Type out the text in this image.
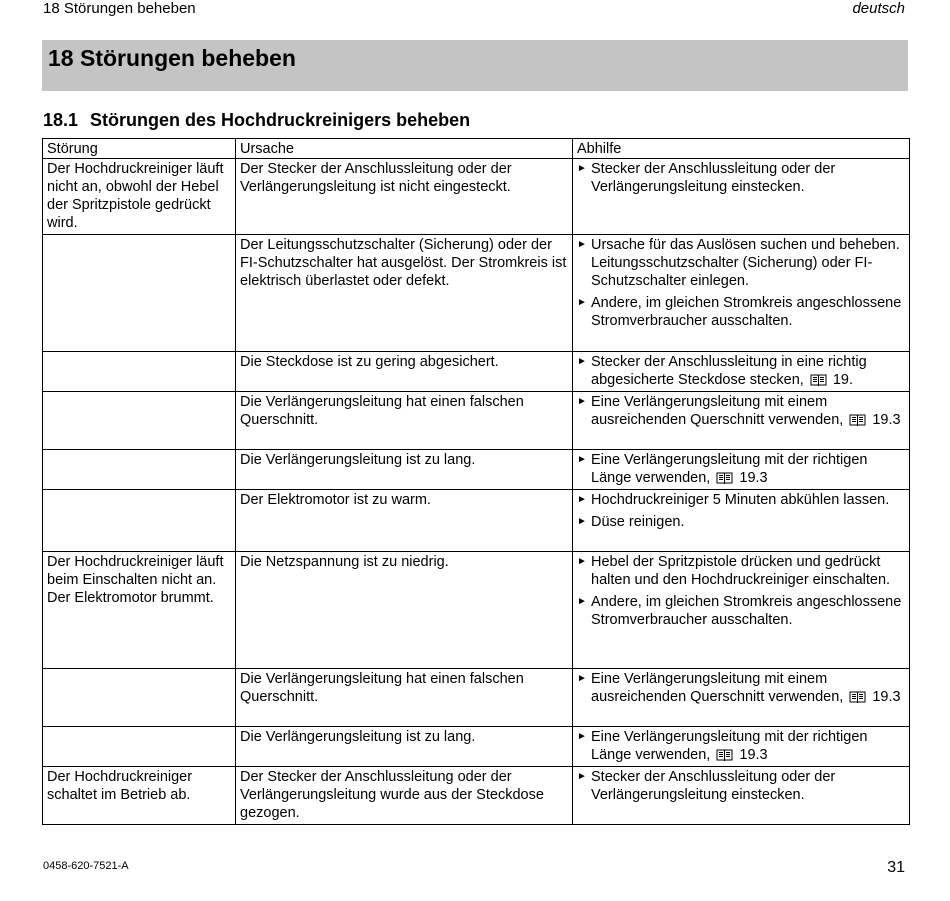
18 Störungen beheben	deutsch
18 Störungen beheben
18.1 Störungen des Hochdruckreinigers beheben
Störung	Ursache	Abhilfe
Der Hochdruckreiniger läuft nicht an, obwohl der Hebel der Spritzpistole gedrückt wird.	Der Stecker der Anschlussleitung oder der Verlängerungsleitung ist nicht eingesteckt.	► Stecker der Anschlussleitung oder der Verlängerungsleitung einstecken.

	Der Leitungsschutzschalter (Sicherung) oder der FI-Schutzschalter hat ausgelöst. Der Stromkreis ist elektrisch überlastet oder defekt.	► Ursache für das Auslösen suchen und beheben. Leitungsschutzschalter (Sicherung) oder FI-Schutzschalter einlegen.
► Andere, im gleichen Stromkreis angeschlossene Stromverbraucher ausschalten.

	Die Steckdose ist zu gering abgesichert.	► Stecker der Anschlussleitung in eine richtig abgesicherte Steckdose stecken, 19.

	Die Verlängerungsleitung hat einen falschen Querschnitt.	► Eine Verlängerungsleitung mit einem ausreichenden Querschnitt verwenden, 19.3

	Die Verlängerungsleitung ist zu lang.	► Eine Verlängerungsleitung mit der richtigen Länge verwenden, 19.3

	Der Elektromotor ist zu warm.	► Hochdruckreiniger 5 Minuten abkühlen lassen.
► Düse reinigen.

Der Hochdruckreiniger läuft beim Einschalten nicht an. Der Elektromotor brummt.	Die Netzspannung ist zu niedrig.	► Hebel der Spritzpistole drücken und gedrückt halten und den Hochdruckreiniger einschalten.
► Andere, im gleichen Stromkreis angeschlossene Stromverbraucher ausschalten.

	Die Verlängerungsleitung hat einen falschen Querschnitt.	► Eine Verlängerungsleitung mit einem ausreichenden Querschnitt verwenden, 19.3

	Die Verlängerungsleitung ist zu lang.	► Eine Verlängerungsleitung mit der richtigen Länge verwenden, 19.3

Der Hochdruckreiniger schaltet im Betrieb ab.	Der Stecker der Anschlussleitung oder der Verlängerungsleitung wurde aus der Steckdose gezogen.	► Stecker der Anschlussleitung oder der Verlängerungsleitung einstecken.
0458-620-7521-A	31
